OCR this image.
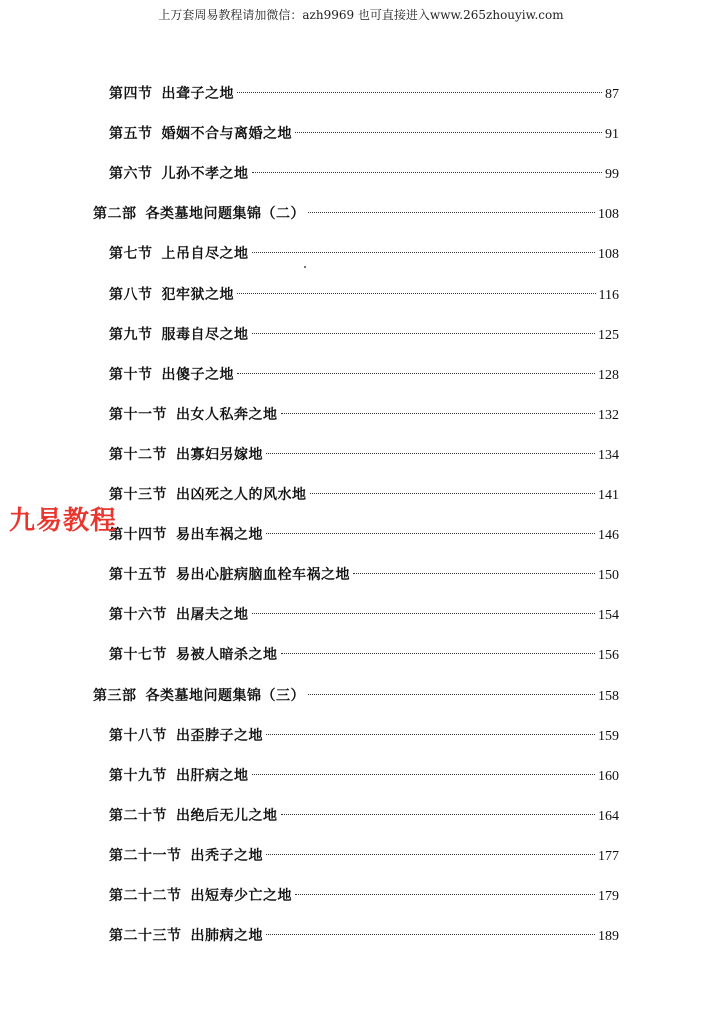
上万套周易教程请加微信：azh9969 也可直接进入www.265zhouyiw.com
第四节 出聋子之地	87
第五节 婚姻不合与离婚之地	91
第六节 儿孙不孝之地	99
第二部 各类墓地问题集锦（二）	108
第七节 上吊自尽之地	108
第八节 犯牢狱之地	116
第九节 服毒自尽之地	125
第十节 出傻子之地	128
第十一节 出女人私奔之地	132
第十二节 出寡妇另嫁地	134
第十三节 出凶死之人的风水地	141
第十四节 易出车祸之地	146
第十五节 易出心脏病脑血栓车祸之地	150
第十六节 出屠夫之地	154
第十七节 易被人暗杀之地	156
第三部 各类墓地问题集锦（三）	158
第十八节 出歪脖子之地	159
第十九节 出肝病之地	160
第二十节 出绝后无儿之地	164
第二十一节 出秃子之地	177
第二十二节 出短寿少亡之地	179
第二十三节 出肺病之地	189
九易教程
